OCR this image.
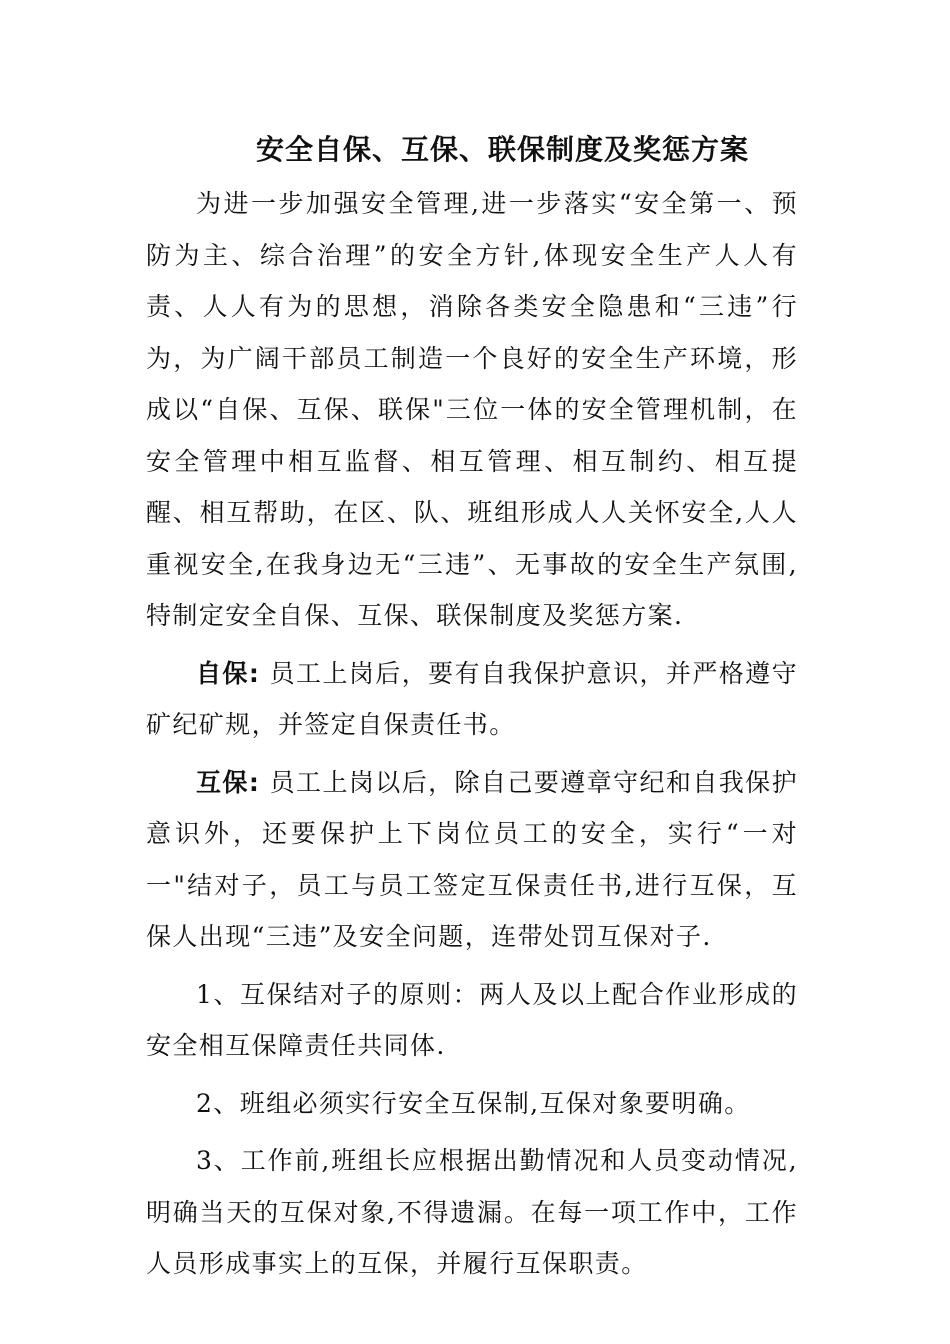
安全自保、互保、联保制度及奖惩方案

为进一步加强安全管理,进一步落实“安全第一、预防为主、综合治理”的安全方针,体现安全生产人人有责、人人有为的思想，消除各类安全隐患和“三违”行为，为广阔干部员工制造一个良好的安全生产环境，形成以“自保、互保、联保"三位一体的安全管理机制，在安全管理中相互监督、相互管理、相互制约、相互提醒、相互帮助，在区、队、班组形成人人关怀安全,人人重视安全,在我身边无“三违”、无事故的安全生产氛围,特制定安全自保、互保、联保制度及奖惩方案.

自保: 员工上岗后，要有自我保护意识，并严格遵守矿纪矿规，并签定自保责任书。

互保: 员工上岗以后，除自己要遵章守纪和自我保护意识外，还要保护上下岗位员工的安全，实行“一对一"结对子，员工与员工签定互保责任书,进行互保，互保人出现“三违”及安全问题，连带处罚互保对子.

1、互保结对子的原则：两人及以上配合作业形成的安全相互保障责任共同体.

2、班组必须实行安全互保制,互保对象要明确。

3、工作前,班组长应根据出勤情况和人员变动情况,明确当天的互保对象,不得遗漏。在每一项工作中，工作人员形成事实上的互保，并履行互保职责。
